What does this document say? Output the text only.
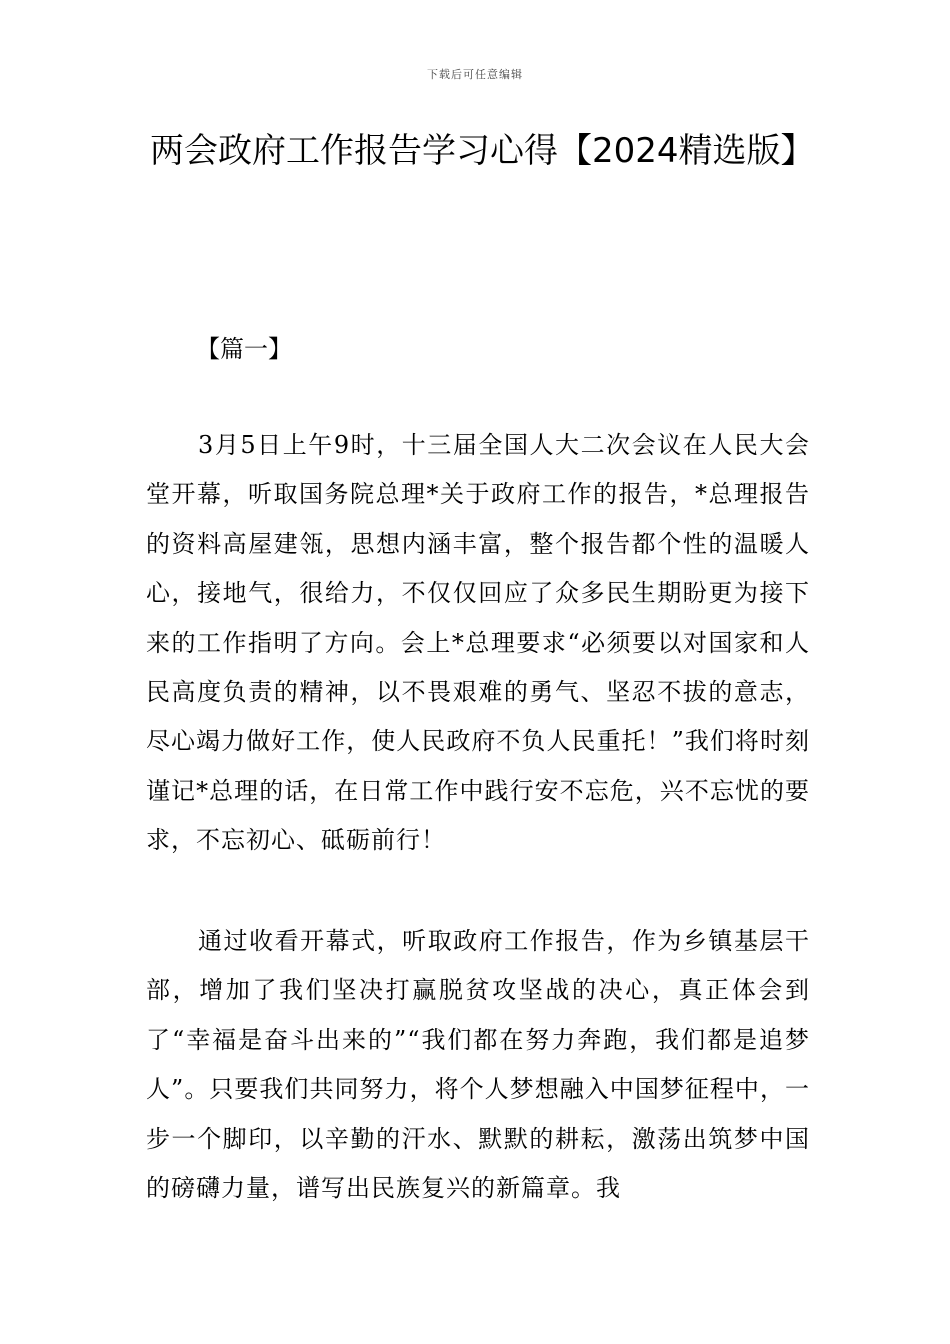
下载后可任意编辑
两会政府工作报告学习心得【2024精选版】
【篇一】
3月5日上午9时，十三届全国人大二次会议在人民大会堂开幕，听取国务院总理*关于政府工作的报告，*总理报告的资料高屋建瓴，思想内涵丰富，整个报告都个性的温暖人心，接地气，很给力，不仅仅回应了众多民生期盼更为接下来的工作指明了方向。会上*总理要求“必须要以对国家和人民高度负责的精神，以不畏艰难的勇气、坚忍不拔的意志，尽心竭力做好工作，使人民政府不负人民重托！”我们将时刻谨记*总理的话，在日常工作中践行安不忘危，兴不忘忧的要求，不忘初心、砥砺前行！
通过收看开幕式，听取政府工作报告，作为乡镇基层干部，增加了我们坚决打赢脱贫攻坚战的决心，真正体会到了“幸福是奋斗出来的”“我们都在努力奔跑，我们都是追梦人”。只要我们共同努力，将个人梦想融入中国梦征程中，一步一个脚印，以辛勤的汗水、默默的耕耘，激荡出筑梦中国的磅礴力量，谱写出民族复兴的新篇章。我
